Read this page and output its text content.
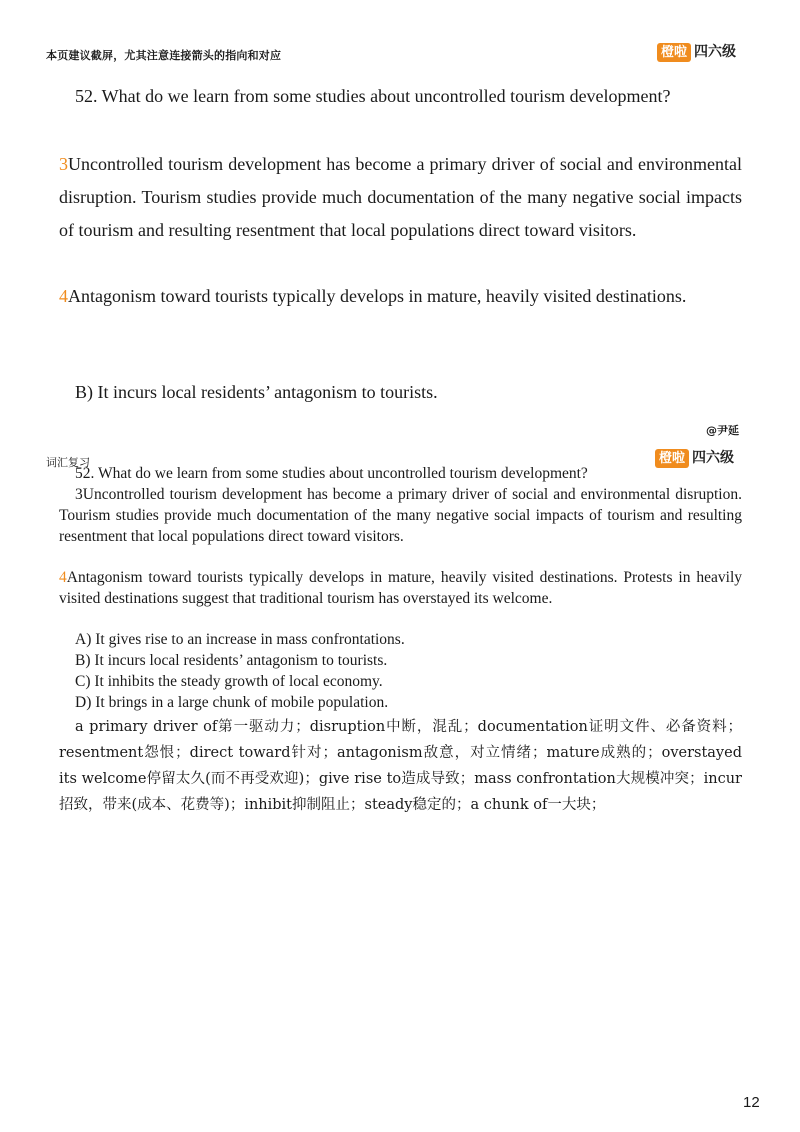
本页建议截屏，尤其注意连接箭头的指向和对应	橙啦 四六级
52. What do we learn from some studies about uncontrolled tourism development?
3Uncontrolled tourism development has become a primary driver of social and environmental disruption. Tourism studies provide much documentation of the many negative social impacts of tourism and resulting resentment that local populations direct toward visitors.
4Antagonism toward tourists typically develops in mature, heavily visited destinations.
B) It incurs local residents’ antagonism to tourists.
@尹延
词汇复习	橙啦 四六级
52. What do we learn from some studies about uncontrolled tourism development?
3Uncontrolled tourism development has become a primary driver of social and environmental disruption. Tourism studies provide much documentation of the many negative social impacts of tourism and resulting resentment that local populations direct toward visitors.
4Antagonism toward tourists typically develops in mature, heavily visited destinations. Protests in heavily visited destinations suggest that traditional tourism has overstayed its welcome.
A) It gives rise to an increase in mass confrontations.
B) It incurs local residents’ antagonism to tourists.
C) It inhibits the steady growth of local economy.
D) It brings in a large chunk of mobile population.
a primary driver of第一驱动力；disruption中断，混乱；documentation证明文件、必备资料；resentment怨恨；direct toward针对；antagonism敌意，对立情绪；mature成熟的；overstayed its welcome停留太久(而不再受欢迎)；give rise to造成导致；mass confrontation大规模冲突；incur招致，带来(成本、花费等)；inhibit抑制阻止；steady稳定的；a chunk of一大块；
12
